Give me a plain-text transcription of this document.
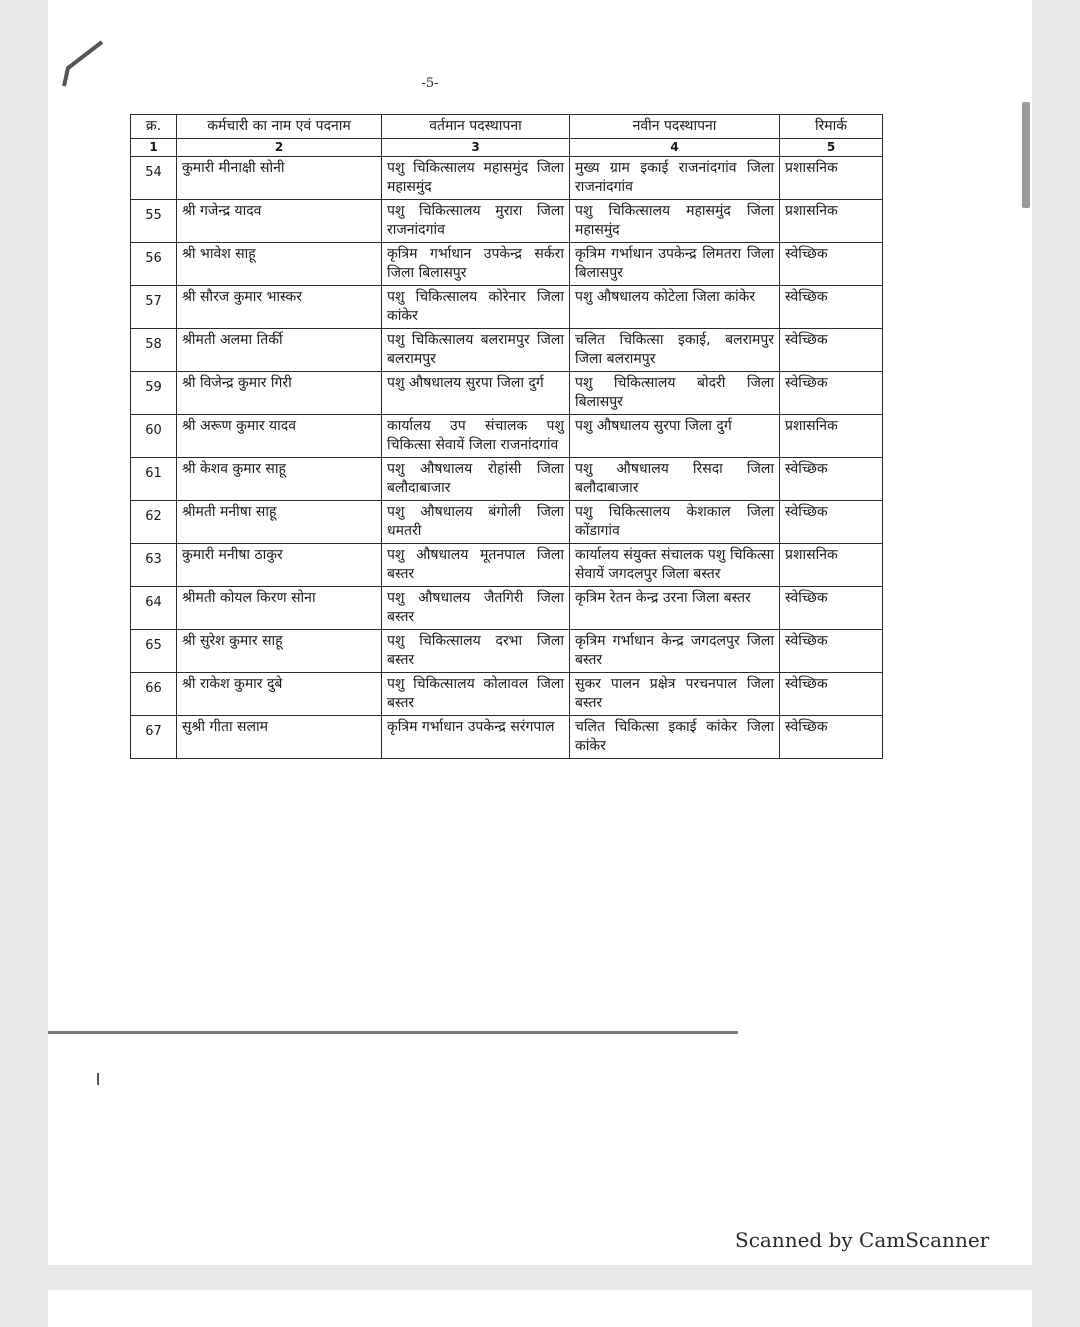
-5-
क्र.	कर्मचारी का नाम एवं पदनाम	वर्तमान पदस्थापना	नवीन पदस्थापना	रिमार्क
1	2	3	4	5
54	कुमारी मीनाक्षी सोनी	पशु चिकित्सालय महासमुंद जिला महासमुंद	मुख्य ग्राम इकाई राजनांदगांव जिला राजनांदगांव	प्रशासनिक
55	श्री गजेन्द्र यादव	पशु चिकित्सालय मुरारा जिला राजनांदगांव	पशु चिकित्सालय महासमुंद जिला महासमुंद	प्रशासनिक
56	श्री भावेश साहू	कृत्रिम गर्भाधान उपकेन्द्र सर्करा जिला बिलासपुर	कृत्रिम गर्भाधान उपकेन्द्र लिमतरा जिला बिलासपुर	स्वेच्छिक
57	श्री सौरज कुमार भास्कर	पशु चिकित्सालय कोरेनार जिला कांकेर	पशु औषधालय कोटेला जिला कांकेर	स्वेच्छिक
58	श्रीमती अलमा तिर्की	पशु चिकित्सालय बलरामपुर जिला बलरामपुर	चलित चिकित्सा इकाई, बलरामपुर जिला बलरामपुर	स्वेच्छिक
59	श्री विजेन्द्र कुमार गिरी	पशु औषधालय सुरपा जिला दुर्ग	पशु चिकित्सालय बोदरी जिला बिलासपुर	स्वेच्छिक
60	श्री अरूण कुमार यादव	कार्यालय उप संचालक पशु चिकित्सा सेवायें जिला राजनांदगांव	पशु औषधालय सुरपा जिला दुर्ग	प्रशासनिक
61	श्री केशव कुमार साहू	पशु औषधालय रोहांसी जिला बलौदाबाजार	पशु औषधालय रिसदा जिला बलौदाबाजार	स्वेच्छिक
62	श्रीमती मनीषा साहू	पशु औषधालय बंगोली जिला धमतरी	पशु चिकित्सालय केशकाल जिला कोंडागांव	स्वेच्छिक
63	कुमारी मनीषा ठाकुर	पशु औषधालय मूतनपाल जिला बस्तर	कार्यालय संयुक्त संचालक पशु चिकित्सा सेवायें जगदलपुर जिला बस्तर	प्रशासनिक
64	श्रीमती कोयल किरण सोना	पशु औषधालय जैतगिरी जिला बस्तर	कृत्रिम रेतन केन्द्र उरना जिला बस्तर	स्वेच्छिक
65	श्री सुरेश कुमार साहू	पशु चिकित्सालय दरभा जिला बस्तर	कृत्रिम गर्भाधान केन्द्र जगदलपुर जिला बस्तर	स्वेच्छिक
66	श्री राकेश कुमार दुबे	पशु चिकित्सालय कोलावल जिला बस्तर	सुकर पालन प्रक्षेत्र परचनपाल जिला बस्तर	स्वेच्छिक
67	सुश्री गीता सलाम	कृत्रिम गर्भाधान उपकेन्द्र सरंगपाल	चलित चिकित्सा इकाई कांकेर जिला कांकेर	स्वेच्छिक
Scanned by CamScanner
